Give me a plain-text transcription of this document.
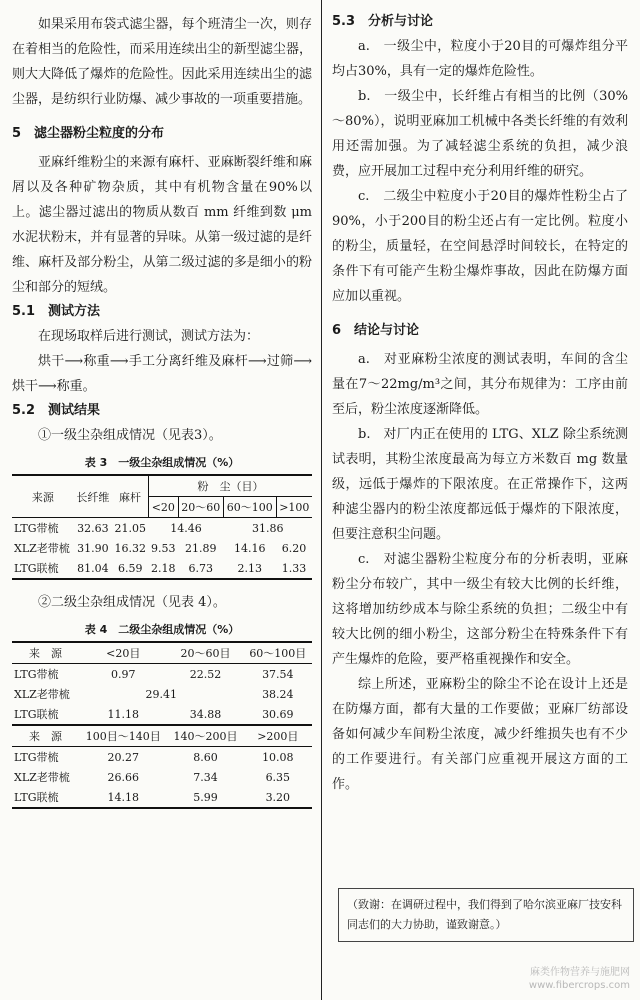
如果采用布袋式滤尘器，每个班清尘一次，则存在着相当的危险性，而采用连续出尘的新型滤尘器，则大大降低了爆炸的危险性。因此采用连续出尘的滤尘器，是纺织行业防爆、减少事故的一项重要措施。

5　滤尘器粉尘粒度的分布

亚麻纤维粉尘的来源有麻杆、亚麻断裂纤维和麻屑以及各种矿物杂质，其中有机物含量在90%以上。滤尘器过滤出的物质从数百 mm 纤维到数 μm 水泥状粉末，并有显著的异味。从第一级过滤的是纤维、麻杆及部分粉尘，从第二级过滤的多是细小的粉尘和部分的短绒。

5.1　测试方法

在现场取样后进行测试，测试方法为：

烘干⟶称重⟶手工分离纤维及麻杆⟶过筛⟶烘干⟶称重。

5.2　测试结果

①一级尘杂组成情况（见表3）。

表 3　一级尘杂组成情况（%）
来源	长纤维	麻杆	粉　尘（目）			
			<20	20～60	60～100	>100
LTG带梳	32.63	21.05	14.46		31.86	
XLZ老带梳	31.90	16.32	9.53	21.89	14.16	6.20
LTG联梳	81.04	6.59	2.18	6.73	2.13	1.33

②二级尘杂组成情况（见表 4）。

表 4　二级尘杂组成情况（%）
来　源	<20目	20～60目	60～100目
LTG带梳	0.97	22.52	37.54
XLZ老带梳	29.41		38.24
LTG联梳	11.18	34.88	30.69
来　源	100目～140目	140～200目	>200目
LTG带梳	20.27	8.60	10.08
XLZ老带梳	26.66	7.34	6.35
LTG联梳	14.18	5.99	3.20

5.3　分析与讨论

a.　一级尘中，粒度小于20目的可爆炸组分平均占30%，具有一定的爆炸危险性。

b.　一级尘中，长纤维占有相当的比例（30%～80%），说明亚麻加工机械中各类长纤维的有效利用还需加强。为了减轻滤尘系统的负担，减少浪费，应开展加工过程中充分利用纤维的研究。

c.　二级尘中粒度小于20目的爆炸性粉尘占了90%，小于200目的粉尘还占有一定比例。粒度小的粉尘，质量轻，在空间悬浮时间较长，在特定的条件下有可能产生粉尘爆炸事故，因此在防爆方面应加以重视。

6　结论与讨论

a.　对亚麻粉尘浓度的测试表明，车间的含尘量在7～22mg/m³之间，其分布规律为：工序由前至后，粉尘浓度逐渐降低。

b.　对厂内正在使用的 LTG、XLZ 除尘系统测试表明，其粉尘浓度最高为每立方米数百 mg 数量级，远低于爆炸的下限浓度。在正常操作下，这两种滤尘器内的粉尘浓度都远低于爆炸的下限浓度，但要注意积尘问题。

c.　对滤尘器粉尘粒度分布的分析表明，亚麻粉尘分布较广，其中一级尘有较大比例的长纤维，这将增加纺纱成本与除尘系统的负担；二级尘中有较大比例的细小粉尘，这部分粉尘在特殊条件下有产生爆炸的危险，要严格重视操作和安全。

综上所述，亚麻粉尘的除尘不论在设计上还是在防爆方面，都有大量的工作要做；亚麻厂纺部设备如何减少车间粉尘浓度，减少纤维损失也有不少的工作要进行。有关部门应重视开展这方面的工作。

（致谢：在调研过程中，我们得到了哈尔滨亚麻厂技安科同志们的大力协助，谨致谢意。）
麻类作物营养与施肥网
www.fibercrops.com
